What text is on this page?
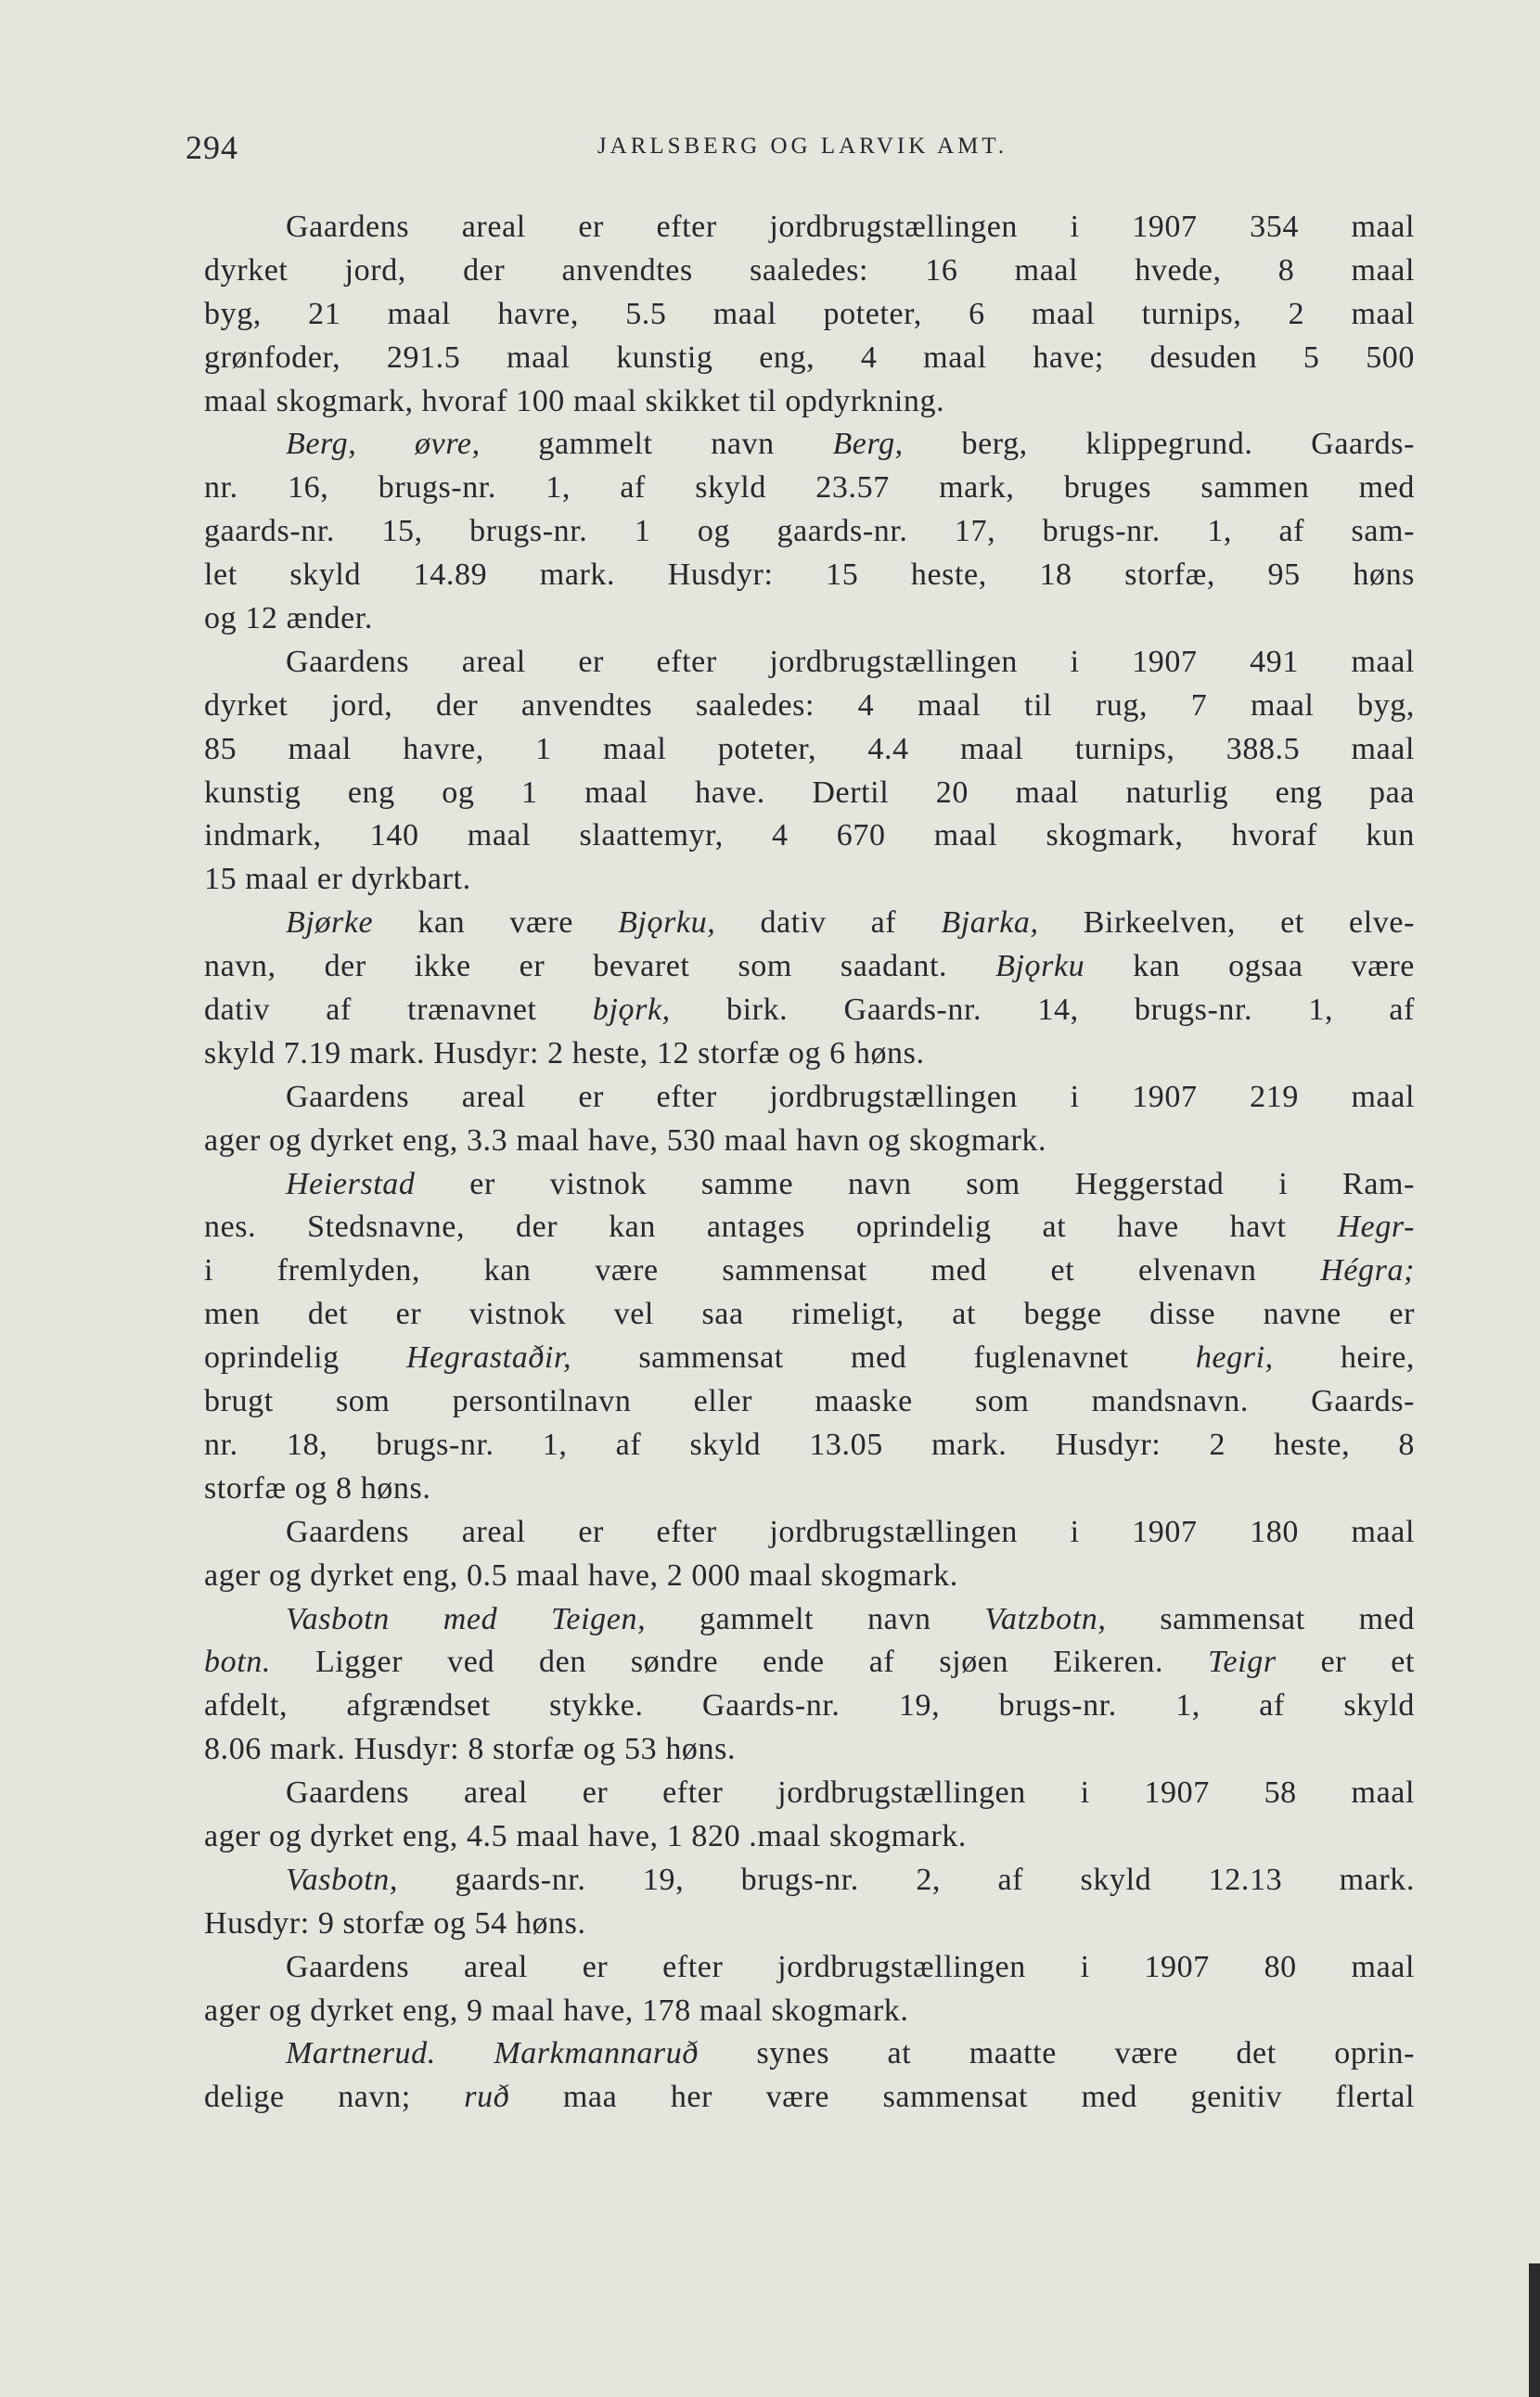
294	JARLSBERG OG LARVIK AMT.
Gaardens areal er efter jordbrugstællingen i 1907 354 maal
dyrket jord, der anvendtes saaledes: 16 maal hvede, 8 maal
byg, 21 maal havre, 5.5 maal poteter, 6 maal turnips, 2 maal
grønfoder, 291.5 maal kunstig eng, 4 maal have; desuden 5 500
maal skogmark, hvoraf 100 maal skikket til opdyrkning.
Berg, øvre, gammelt navn Berg, berg, klippegrund. Gaards-
nr. 16, brugs-nr. 1, af skyld 23.57 mark, bruges sammen med
gaards-nr. 15, brugs-nr. 1 og gaards-nr. 17, brugs-nr. 1, af sam-
let skyld 14.89 mark. Husdyr: 15 heste, 18 storfæ, 95 høns
og 12 ænder.
Gaardens areal er efter jordbrugstællingen i 1907 491 maal
dyrket jord, der anvendtes saaledes: 4 maal til rug, 7 maal byg,
85 maal havre, 1 maal poteter, 4.4 maal turnips, 388.5 maal
kunstig eng og 1 maal have. Dertil 20 maal naturlig eng paa
indmark, 140 maal slaattemyr, 4 670 maal skogmark, hvoraf kun
15 maal er dyrkbart.
Bjørke kan være Bjǫrku, dativ af Bjarka, Birkeelven, et elve-
navn, der ikke er bevaret som saadant. Bjǫrku kan ogsaa være
dativ af trænavnet bjǫrk, birk. Gaards-nr. 14, brugs-nr. 1, af
skyld 7.19 mark. Husdyr: 2 heste, 12 storfæ og 6 høns.
Gaardens areal er efter jordbrugstællingen i 1907 219 maal
ager og dyrket eng, 3.3 maal have, 530 maal havn og skogmark.
Heierstad er vistnok samme navn som Heggerstad i Ram-
nes. Stedsnavne, der kan antages oprindelig at have havt Hegr-
i fremlyden, kan være sammensat med et elvenavn Hégra;
men det er vistnok vel saa rimeligt, at begge disse navne er
oprindelig Hegrastaðir, sammensat med fuglenavnet hegri, heire,
brugt som persontilnavn eller maaske som mandsnavn. Gaards-
nr. 18, brugs-nr. 1, af skyld 13.05 mark. Husdyr: 2 heste, 8
storfæ og 8 høns.
Gaardens areal er efter jordbrugstællingen i 1907 180 maal
ager og dyrket eng, 0.5 maal have, 2 000 maal skogmark.
Vasbotn med Teigen, gammelt navn Vatzbotn, sammensat med
botn. Ligger ved den søndre ende af sjøen Eikeren. Teigr er et
afdelt, afgrændset stykke. Gaards-nr. 19, brugs-nr. 1, af skyld
8.06 mark. Husdyr: 8 storfæ og 53 høns.
Gaardens areal er efter jordbrugstællingen i 1907 58 maal
ager og dyrket eng, 4.5 maal have, 1 820 .maal skogmark.
Vasbotn, gaards-nr. 19, brugs-nr. 2, af skyld 12.13 mark.
Husdyr: 9 storfæ og 54 høns.
Gaardens areal er efter jordbrugstællingen i 1907 80 maal
ager og dyrket eng, 9 maal have, 178 maal skogmark.
Martnerud. Markmannaruð synes at maatte være det oprin-
delige navn; ruð maa her være sammensat med genitiv flertal
